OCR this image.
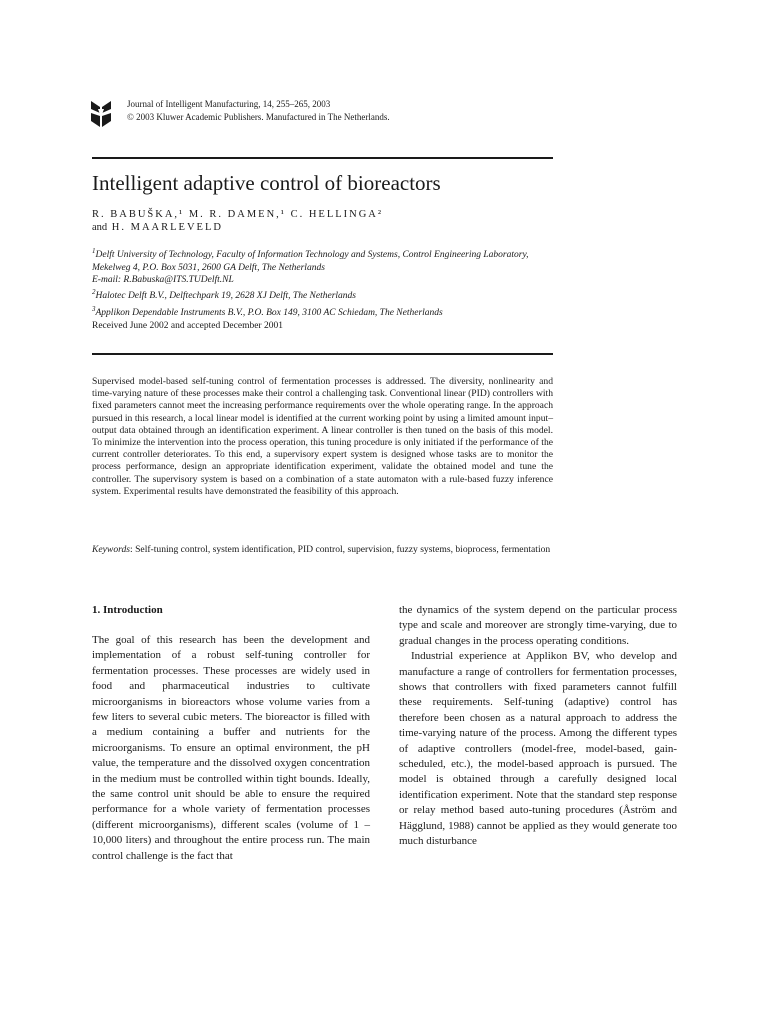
Journal of Intelligent Manufacturing, 14, 255–265, 2003
© 2003 Kluwer Academic Publishers. Manufactured in The Netherlands.
Intelligent adaptive control of bioreactors
R. BABUŠKA,¹ M. R. DAMEN,¹ C. HELLINGA²
and H. MAARLEVELD
$^1$Delft University of Technology, Faculty of Information Technology and Systems, Control Engineering Laboratory, Mekelweg 4, P.O. Box 5031, 2600 GA Delft, The Netherlands
E-mail: R.Babuska@ITS.TUDelft.NL
$^2$Halotec Delft B.V., Delftechpark 19, 2628 XJ Delft, The Netherlands
$^3$Applikon Dependable Instruments B.V., P.O. Box 149, 3100 AC Schiedam, The Netherlands
Received June 2002 and accepted December 2001
Supervised model-based self-tuning control of fermentation processes is addressed. The diversity, nonlinearity and time-varying nature of these processes make their control a challenging task. Conventional linear (PID) controllers with fixed parameters cannot meet the increasing performance requirements over the whole operating range. In the approach pursued in this research, a local linear model is identified at the current working point by using a limited amount input–output data obtained through an identification experiment. A linear controller is then tuned on the basis of this model. To minimize the intervention into the process operation, this tuning procedure is only initiated if the performance of the current controller deteriorates. To this end, a supervisory expert system is designed whose tasks are to monitor the process performance, design an appropriate identification experiment, validate the obtained model and tune the controller. The supervisory system is based on a combination of a state automaton with a rule-based fuzzy inference system. Experimental results have demonstrated the feasibility of this approach.
Keywords: Self-tuning control, system identification, PID control, supervision, fuzzy systems, bioprocess, fermentation
1. Introduction

The goal of this research has been the development and implementation of a robust self-tuning controller for fermentation processes. These processes are widely used in food and pharmaceutical industries to cultivate microorganisms in bioreactors whose volume varies from a few liters to several cubic meters. The bioreactor is filled with a medium containing a buffer and nutrients for the microorganisms. To ensure an optimal environment, the pH value, the temperature and the dissolved oxygen concentration in the medium must be controlled within tight bounds. Ideally, the same control unit should be able to ensure the required performance for a whole variety of fermentation processes (different microorganisms), different scales (volume of 1 –10,000 liters) and throughout the entire process run. The main control challenge is the fact that

the dynamics of the system depend on the particular process type and scale and moreover are strongly time-varying, due to gradual changes in the process operating conditions.

Industrial experience at Applikon BV, who develop and manufacture a range of controllers for fermentation processes, shows that controllers with fixed parameters cannot fulfill these requirements. Self-tuning (adaptive) control has therefore been chosen as a natural approach to address the time-varying nature of the process. Among the different types of adaptive controllers (model-free, model-based, gain-scheduled, etc.), the model-based approach is pursued. The model is obtained through a carefully designed local identification experiment. Note that the standard step response or relay method based auto-tuning procedures (Åström and Hägglund, 1988) cannot be applied as they would generate too much disturbance
